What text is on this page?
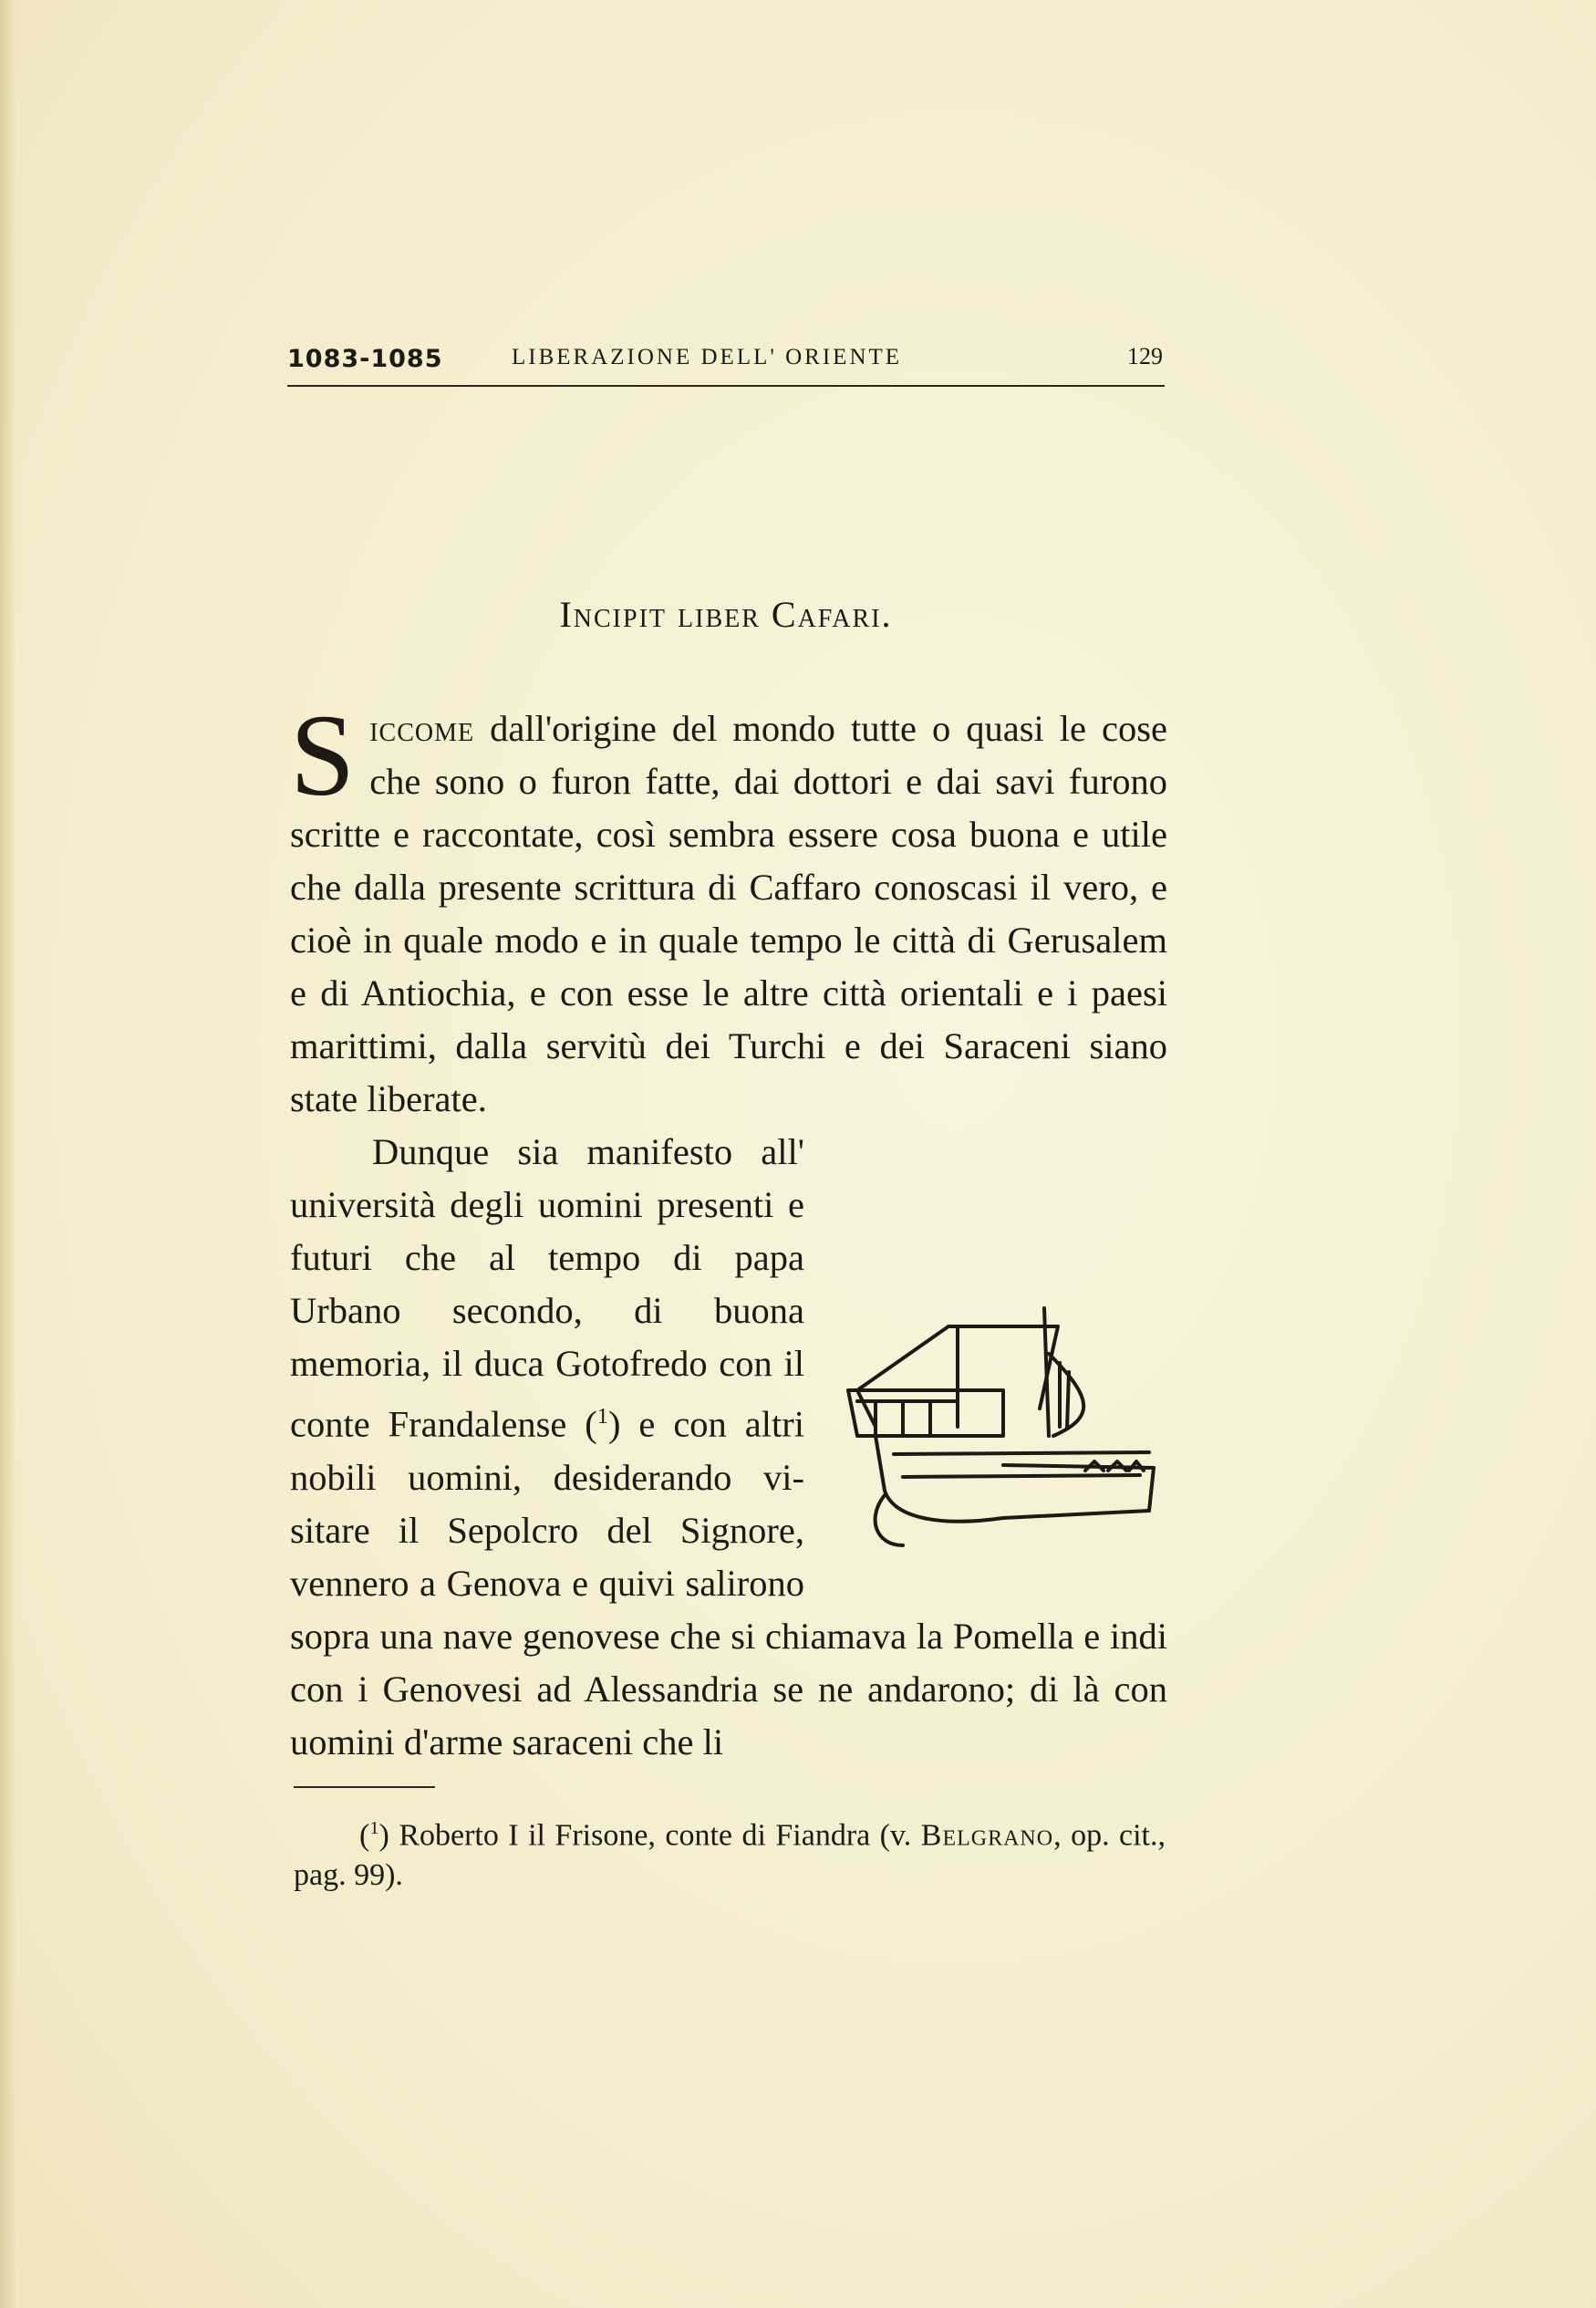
1083-1085	LIBERAZIONE DELL' ORIENTE	129
Incipit liber Cafari.

Siccome dall'origine del mondo tutte o quasi le cose che sono o furon fatte, dai dottori e dai savi furono scritte e raccontate, così sembra essere cosa buona e utile che dalla presente scrittura di Caffaro conoscasi il vero, e cioè in quale modo e in quale tempo le città di Gerusalem e di Antiochia, e con esse le altre città orientali e i paesi marittimi, dalla servitù dei Turchi e dei Saraceni siano state liberate.

Dunque sia manifesto all' università degli uomini presenti e futuri che al tempo di papa Urbano secondo, di buona memoria, il duca Gotofredo con il conte Frandalense ($^1$) e con altri nobili uomini, desiderando visitare il Sepolcro del Signore, vennero a Genova e quivi salirono sopra una nave genovese che si chiamava la Pomella e indi con i Genovesi ad Alessandria se ne andarono; di là con uomini d'arme saraceni che li

($^1$) Roberto I il Frisone, conte di Fiandra (v. Belgrano, op. cit., pag. 99).
